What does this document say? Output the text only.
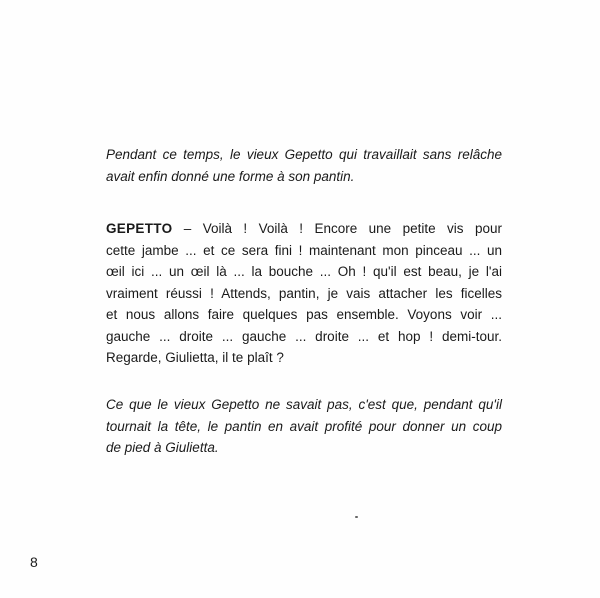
Pendant ce temps, le vieux Gepetto qui travaillait sans relâche
avait enfin donné une forme à son pantin.

GEPETTO – Voilà ! Voilà ! Encore une petite vis pour
cette jambe ... et ce sera fini ! maintenant mon pinceau ... un
œil ici ... un œil là ... la bouche ... Oh ! qu'il est beau, je l'ai
vraiment réussi ! Attends, pantin, je vais attacher les ficelles
et nous allons faire quelques pas ensemble. Voyons voir ...
gauche ... droite ... gauche ... droite ... et hop ! demi-tour.
Regarde, Giulietta, il te plaît ?

Ce que le vieux Gepetto ne savait pas, c'est que, pendant qu'il
tournait la tête, le pantin en avait profité pour donner un coup
de pied à Giulietta.

8
